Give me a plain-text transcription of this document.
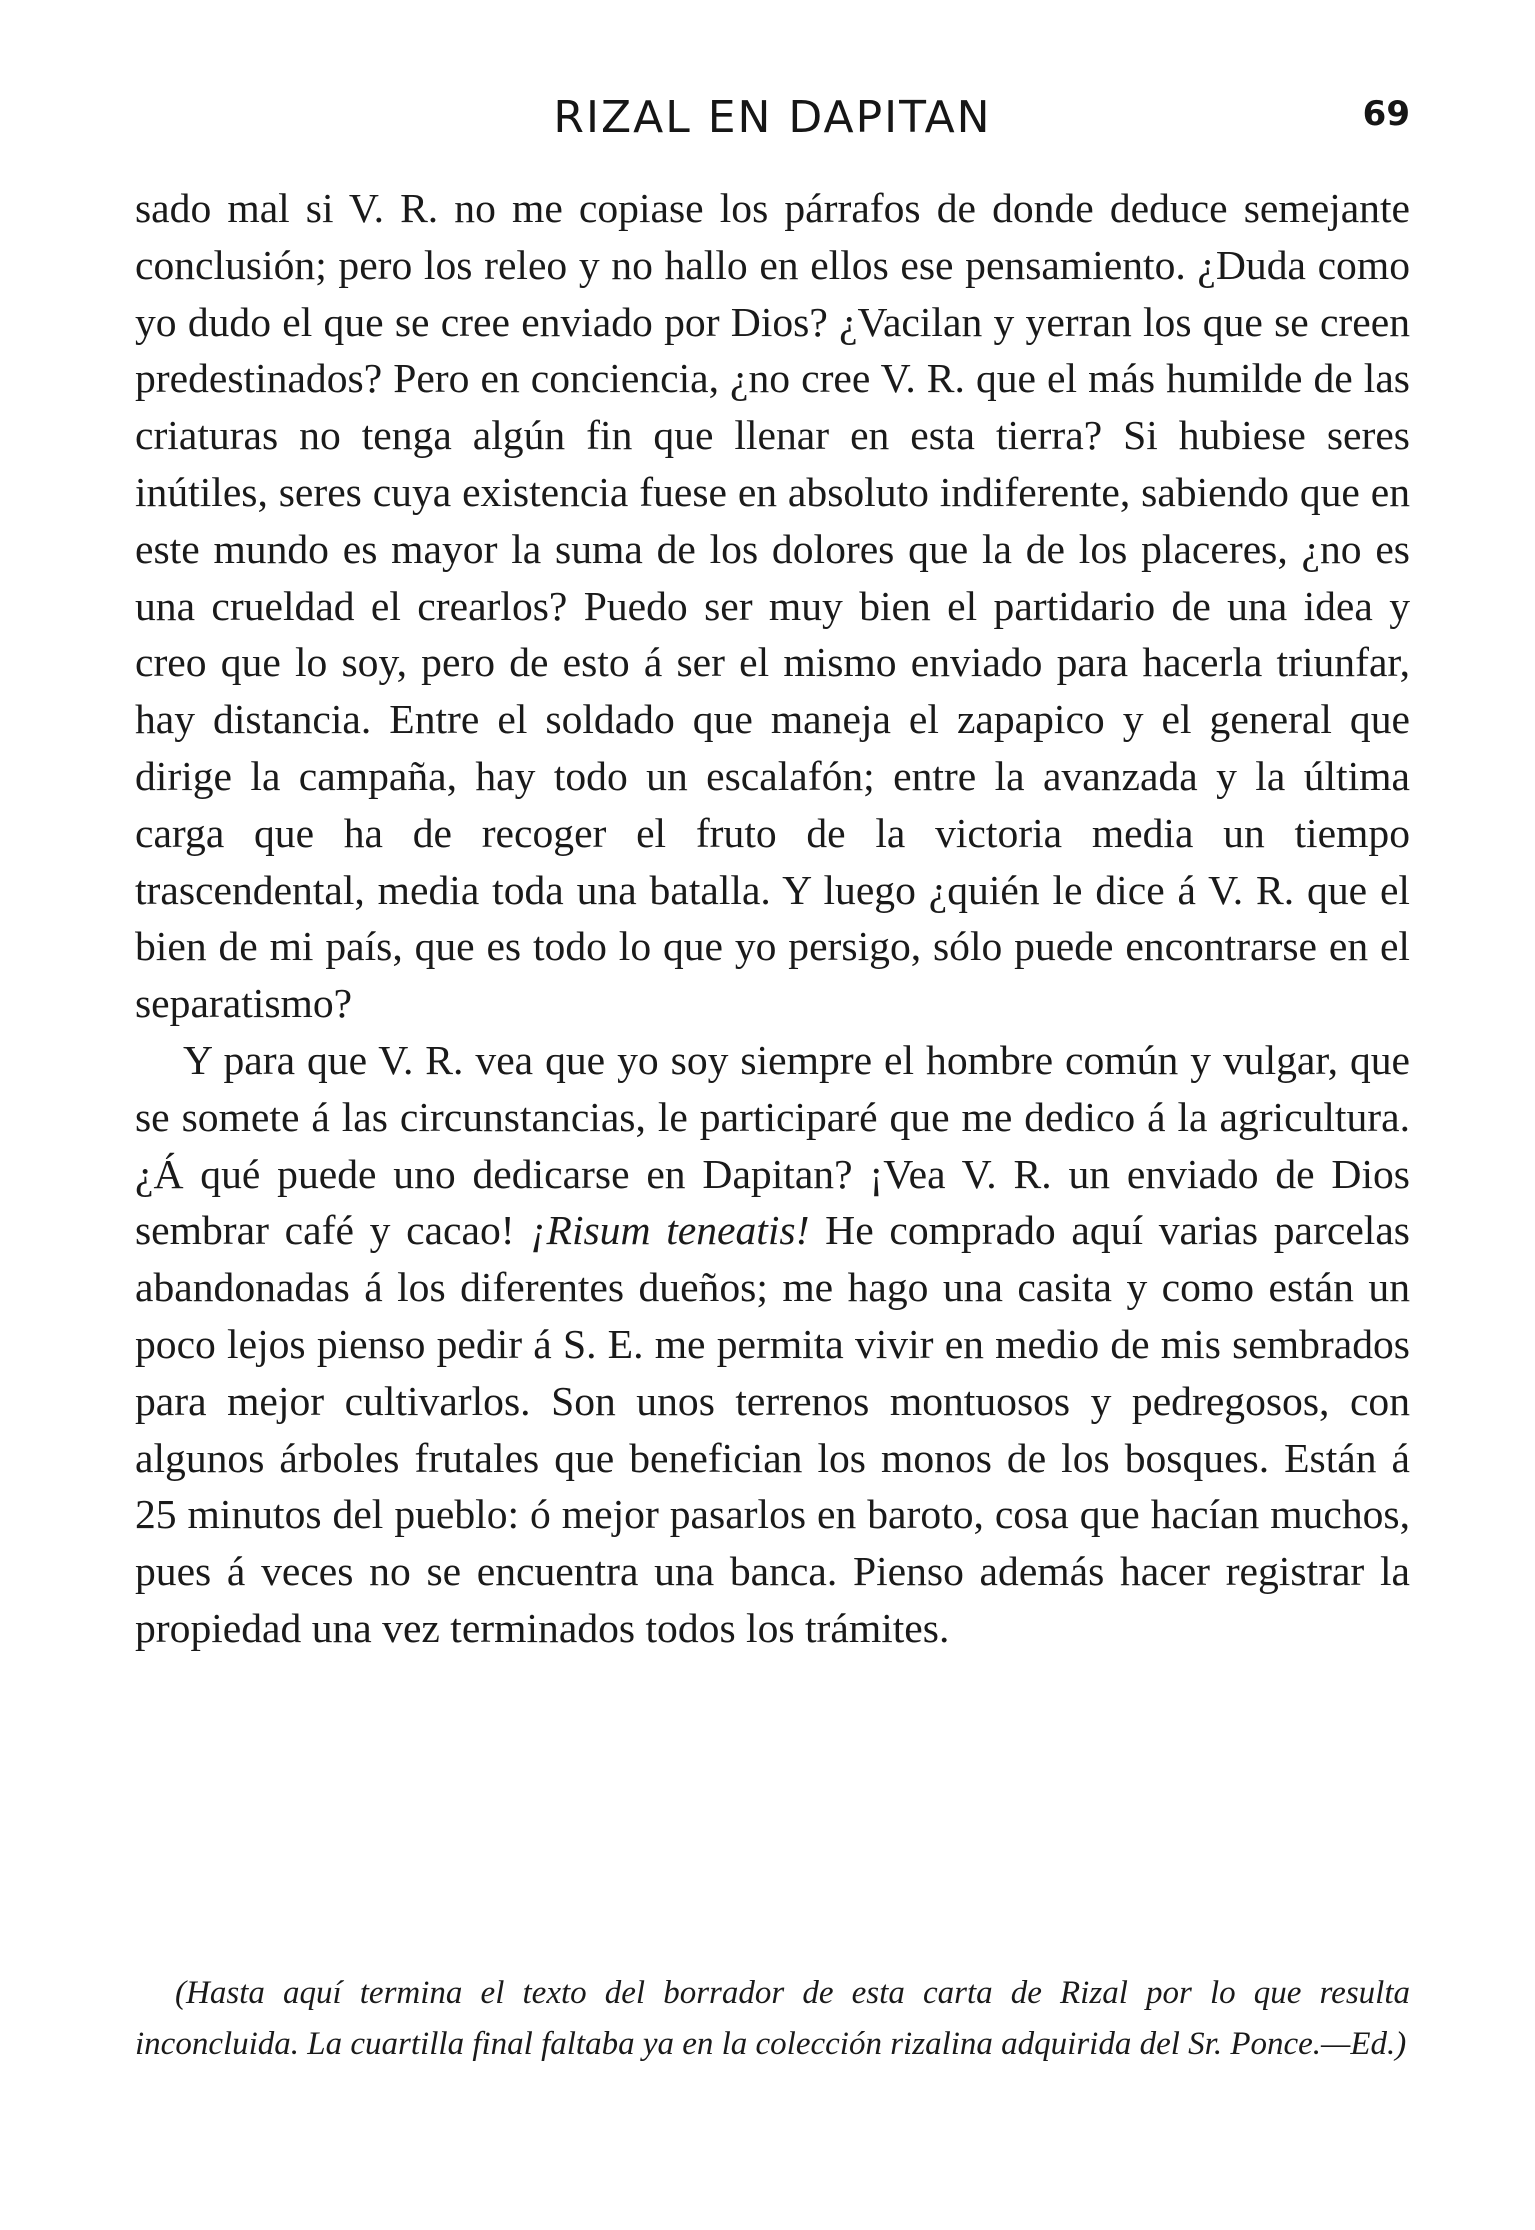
RIZAL EN DAPITAN	69

sado mal si V. R. no me copiase los párrafos de donde deduce semejante conclusión; pero los releo y no hallo en ellos ese pensamiento. ¿Duda como yo dudo el que se cree enviado por Dios? ¿Vacilan y yerran los que se creen predestinados? Pero en conciencia, ¿no cree V. R. que el más humilde de las criaturas no tenga algún fin que llenar en esta tierra? Si hubiese seres inútiles, seres cuya existencia fuese en absoluto indiferente, sabiendo que en este mundo es mayor la suma de los dolores que la de los placeres, ¿no es una crueldad el crearlos? Puedo ser muy bien el partidario de una idea y creo que lo soy, pero de esto á ser el mismo enviado para hacerla triunfar, hay distancia. Entre el soldado que maneja el zapapico y el general que dirige la campaña, hay todo un escalafón; entre la avanzada y la última carga que ha de recoger el fruto de la victoria media un tiempo trascendental, media toda una batalla. Y luego ¿quién le dice á V. R. que el bien de mi país, que es todo lo que yo persigo, sólo puede encontrarse en el separatismo?

Y para que V. R. vea que yo soy siempre el hombre común y vulgar, que se somete á las circunstancias, le participaré que me dedico á la agricultura. ¿Á qué puede uno dedicarse en Dapitan? ¡Vea V. R. un enviado de Dios sembrar café y cacao! ¡Risum teneatis! He comprado aquí varias parcelas abandonadas á los diferentes dueños; me hago una casita y como están un poco lejos pienso pedir á S. E. me permita vivir en medio de mis sembrados para mejor cultivarlos. Son unos terrenos montuosos y pedregosos, con algunos árboles frutales que benefician los monos de los bosques. Están á 25 minutos del pueblo: ó mejor pasarlos en baroto, cosa que hacían muchos, pues á veces no se encuentra una banca. Pienso además hacer registrar la propiedad una vez terminados todos los trámites.

(Hasta aquí termina el texto del borrador de esta carta de Rizal por lo que resulta inconcluida. La cuartilla final faltaba ya en la colección rizalina adquirida del Sr. Ponce.—Ed.)
